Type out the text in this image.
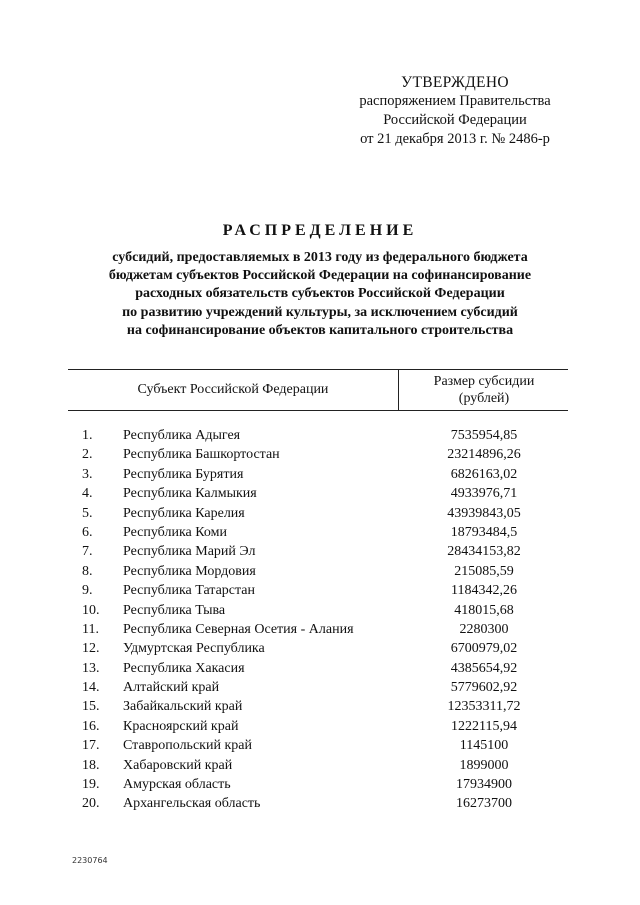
УТВЕРЖДЕНО
распоряжением Правительства
Российской Федерации
от 21 декабря 2013 г. № 2486-р
РАСПРЕДЕЛЕНИЕ
субсидий, предоставляемых в 2013 году из федерального бюджета
бюджетам субъектов Российской Федерации на софинансирование
расходных обязательств субъектов Российской Федерации
по развитию учреждений культуры, за исключением субсидий
на софинансирование объектов капитального строительства
Субъект Российской Федерации
Размер субсидии
(рублей)
1.	Республика Адыгея	7535954,85
2.	Республика Башкортостан	23214896,26
3.	Республика Бурятия	6826163,02
4.	Республика Калмыкия	4933976,71
5.	Республика Карелия	43939843,05
6.	Республика Коми	18793484,5
7.	Республика Марий Эл	28434153,82
8.	Республика Мордовия	215085,59
9.	Республика Татарстан	1184342,26
10.	Республика Тыва	418015,68
11.	Республика Северная Осетия - Алания	2280300
12.	Удмуртская Республика	6700979,02
13.	Республика Хакасия	4385654,92
14.	Алтайский край	5779602,92
15.	Забайкальский край	12353311,72
16.	Красноярский край	1222115,94
17.	Ставропольский край	1145100
18.	Хабаровский край	1899000
19.	Амурская область	17934900
20.	Архангельская область	16273700
2230764
